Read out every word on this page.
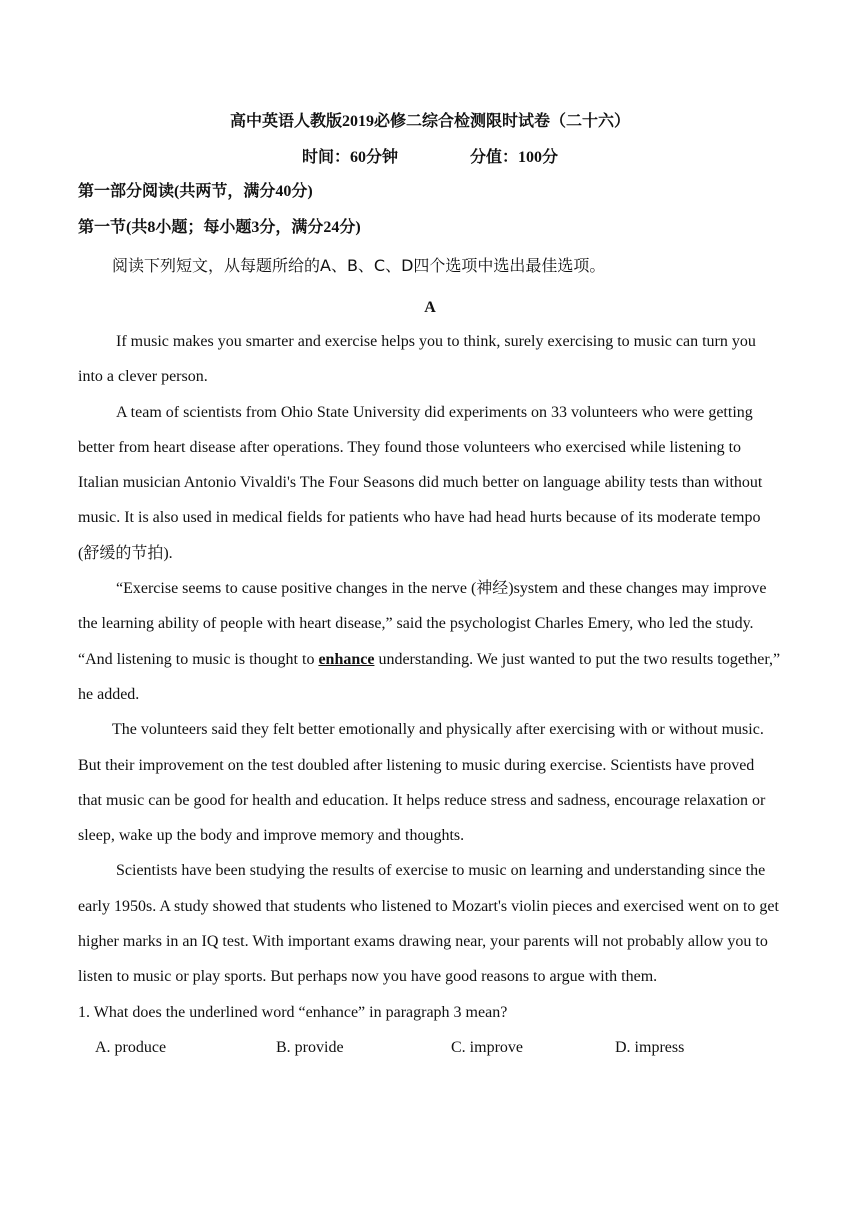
高中英语人教版2019必修二综合检测限时试卷（二十六）
时间：60分钟	分值：100分
第一部分阅读(共两节，满分40分)
第一节(共8小题；每小题3分，满分24分)
阅读下列短文，从每题所给的A、B、C、D四个选项中选出最佳选项。
A

If music makes you smarter and exercise helps you to think, surely exercising to music can turn you into a clever person.

A team of scientists from Ohio State University did experiments on 33 volunteers who were getting better from heart disease after operations. They found those volunteers who exercised while listening to Italian musician Antonio Vivaldi's The Four Seasons did much better on language ability tests than without music. It is also used in medical fields for patients who have had head hurts because of its moderate tempo (舒缓的节拍).

“Exercise seems to cause positive changes in the nerve (神经)system and these changes may improve the learning ability of people with heart disease,” said the psychologist Charles Emery, who led the study. “And listening to music is thought to enhance understanding. We just wanted to put the two results together,” he added.

The volunteers said they felt better emotionally and physically after exercising with or without music. But their improvement on the test doubled after listening to music during exercise. Scientists have proved that music can be good for health and education. It helps reduce stress and sadness, encourage relaxation or sleep, wake up the body and improve memory and thoughts.

Scientists have been studying the results of exercise to music on learning and understanding since the early 1950s. A study showed that students who listened to Mozart's violin pieces and exercised went on to get higher marks in an IQ test. With important exams drawing near, your parents will not probably allow you to listen to music or play sports. But perhaps now you have good reasons to argue with them.

1. What does the underlined word “enhance” in paragraph 3 mean?
A. produce	B. provide	C. improve	D. impress
